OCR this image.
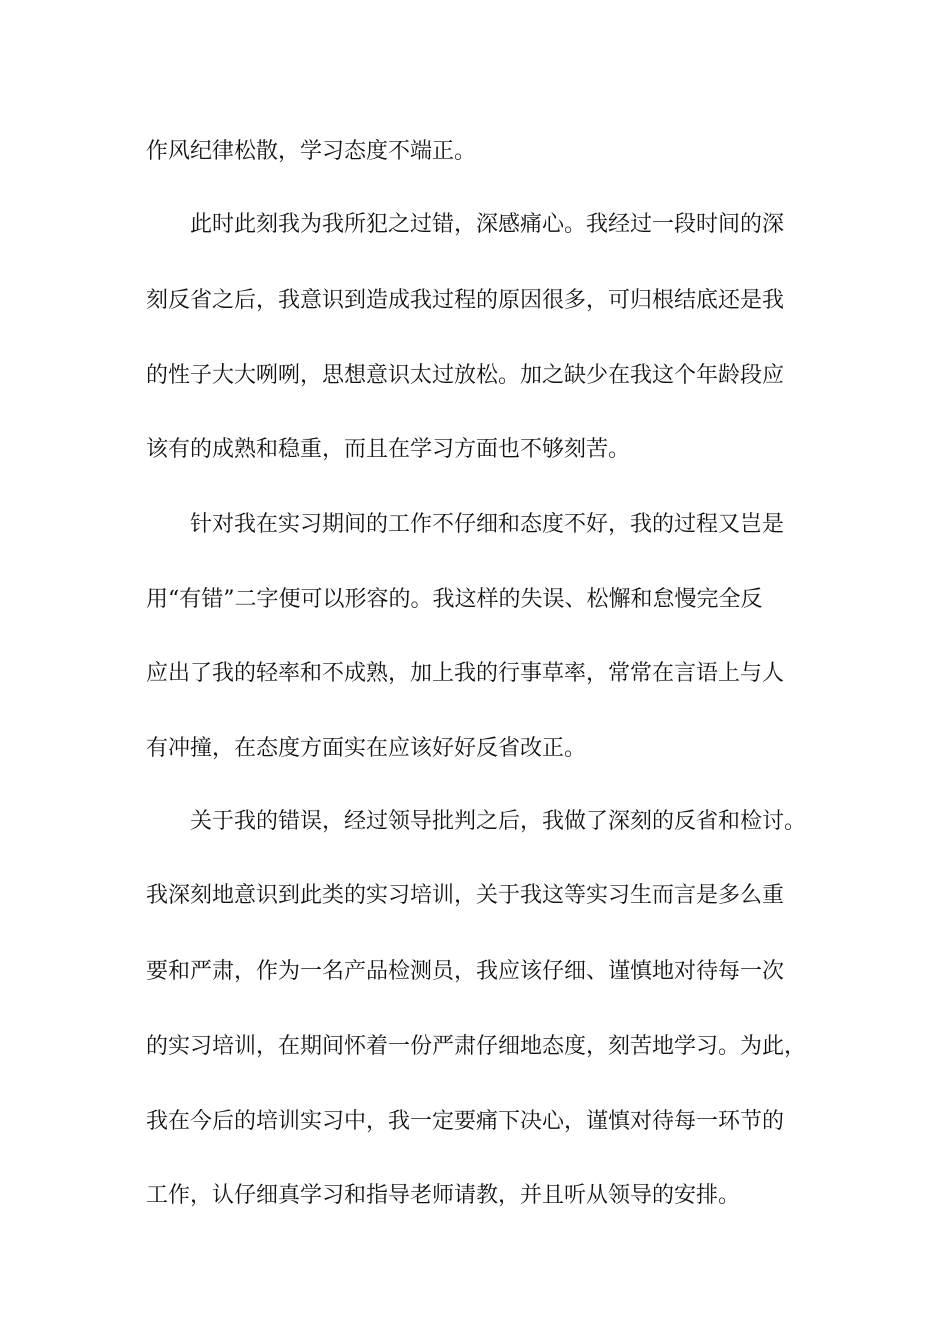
作风纪律松散，学习态度不端正。
此时此刻我为我所犯之过错，深感痛心。我经过一段时间的深
刻反省之后，我意识到造成我过程的原因很多，可归根结底还是我
的性子大大咧咧，思想意识太过放松。加之缺少在我这个年龄段应
该有的成熟和稳重，而且在学习方面也不够刻苦。
针对我在实习期间的工作不仔细和态度不好，我的过程又岂是
用“有错”二字便可以形容的。我这样的失误、松懈和怠慢完全反
应出了我的轻率和不成熟，加上我的行事草率，常常在言语上与人
有冲撞，在态度方面实在应该好好反省改正。
关于我的错误，经过领导批判之后，我做了深刻的反省和检讨。
我深刻地意识到此类的实习培训，关于我这等实习生而言是多么重
要和严肃，作为一名产品检测员，我应该仔细、谨慎地对待每一次
的实习培训，在期间怀着一份严肃仔细地态度，刻苦地学习。为此，
我在今后的培训实习中，我一定要痛下决心，谨慎对待每一环节的
工作，认仔细真学习和指导老师请教，并且听从领导的安排。
